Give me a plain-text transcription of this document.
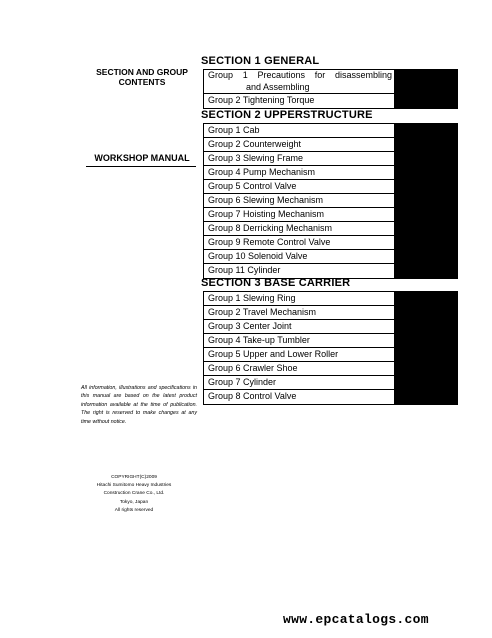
SECTION AND GROUP
CONTENTS
WORKSHOP MANUAL
All information, illustrations and specifications in this manual are based on the latest product information available at the time of publication. The right is reserved to make changes at any time without notice.
COPYRIGHT(C)2009
Hitachi Sumitomo Heavy Industries
Construction Crane Co., Ltd.
Tokyo, Japan
All rights reserved
SECTION 1 GENERAL
Group 1 Precautions for disassembling
and Assembling
Group 2 Tightening Torque
SECTION 2 UPPERSTRUCTURE
Group 1 Cab
Group 2 Counterweight
Group 3 Slewing Frame
Group 4 Pump Mechanism
Group 5 Control Valve
Group 6 Slewing Mechanism
Group 7 Hoisting Mechanism
Group 8 Derricking Mechanism
Group 9 Remote Control Valve
Group 10 Solenoid Valve
Group 11 Cylinder
SECTION 3 BASE CARRIER
Group 1 Slewing Ring
Group 2 Travel Mechanism
Group 3 Center Joint
Group 4 Take-up Tumbler
Group 5 Upper and Lower Roller
Group 6 Crawler Shoe
Group 7 Cylinder
Group 8 Control Valve
www.epcatalogs.com
